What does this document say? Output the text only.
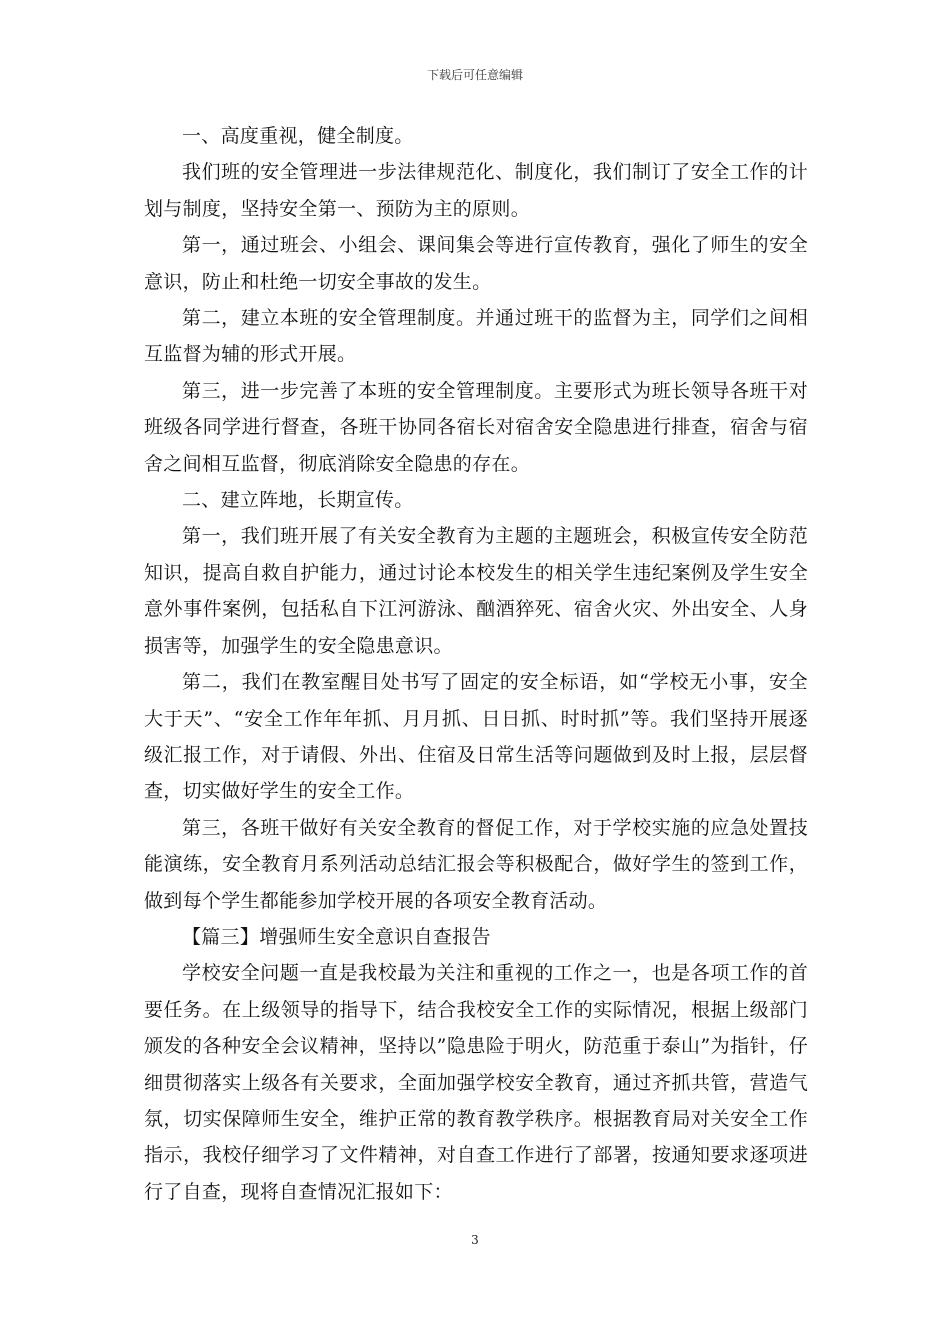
下载后可任意编辑

一、高度重视，健全制度。

我们班的安全管理进一步法律规范化、制度化，我们制订了安全工作的计划与制度，坚持安全第一、预防为主的原则。

第一，通过班会、小组会、课间集会等进行宣传教育，强化了师生的安全意识，防止和杜绝一切安全事故的发生。

第二，建立本班的安全管理制度。并通过班干的监督为主，同学们之间相互监督为辅的形式开展。

第三，进一步完善了本班的安全管理制度。主要形式为班长领导各班干对班级各同学进行督查，各班干协同各宿长对宿舍安全隐患进行排查，宿舍与宿舍之间相互监督，彻底消除安全隐患的存在。

二、建立阵地，长期宣传。

第一，我们班开展了有关安全教育为主题的主题班会，积极宣传安全防范知识，提高自救自护能力，通过讨论本校发生的相关学生违纪案例及学生安全意外事件案例，包括私自下江河游泳、酗酒猝死、宿舍火灾、外出安全、人身损害等，加强学生的安全隐患意识。

第二，我们在教室醒目处书写了固定的安全标语，如“学校无小事，安全大于天”、“安全工作年年抓、月月抓、日日抓、时时抓”等。我们坚持开展逐级汇报工作，对于请假、外出、住宿及日常生活等问题做到及时上报，层层督查，切实做好学生的安全工作。

第三，各班干做好有关安全教育的督促工作，对于学校实施的应急处置技能演练，安全教育月系列活动总结汇报会等积极配合，做好学生的签到工作，做到每个学生都能参加学校开展的各项安全教育活动。

【篇三】增强师生安全意识自查报告

学校安全问题一直是我校最为关注和重视的工作之一，也是各项工作的首要任务。在上级领导的指导下，结合我校安全工作的实际情况，根据上级部门颁发的各种安全会议精神，坚持以”隐患险于明火，防范重于泰山”为指针，仔细贯彻落实上级各有关要求，全面加强学校安全教育，通过齐抓共管，营造气氛，切实保障师生安全，维护正常的教育教学秩序。根据教育局对关安全工作指示，我校仔细学习了文件精神，对自查工作进行了部署，按通知要求逐项进行了自查，现将自查情况汇报如下：

3
